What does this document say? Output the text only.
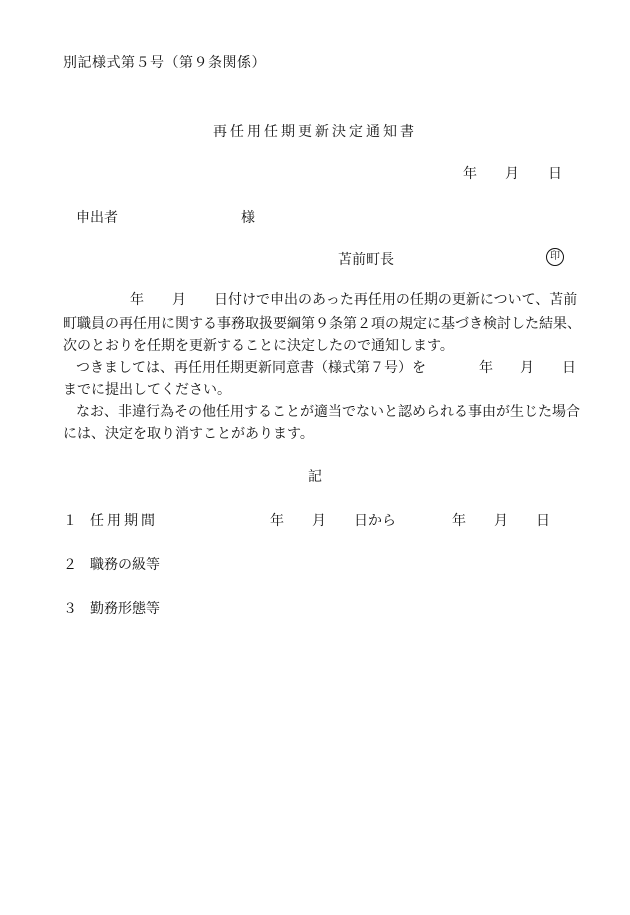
別記様式第５号（第９条関係）
再任用任期更新決定通知書
年 月 日
申出者	様
苫前町長	印
年 月 日付けで申出のあった再任用の任期の更新について、苫前
町職員の再任用に関する事務取扱要綱第９条第２項の規定に基づき検討した結果、
次のとおりを任期を更新することに決定したので通知します。
つきましては、再任用任期更新同意書（様式第７号）を	年 月 日
までに提出してください。
なお、非違行為その他任用することが適当でないと認められる事由が生じた場合
には、決定を取り消すことがあります。
記
１ 任用期間	年 月 日から	年 月 日
２ 職務の級等
３ 勤務形態等
